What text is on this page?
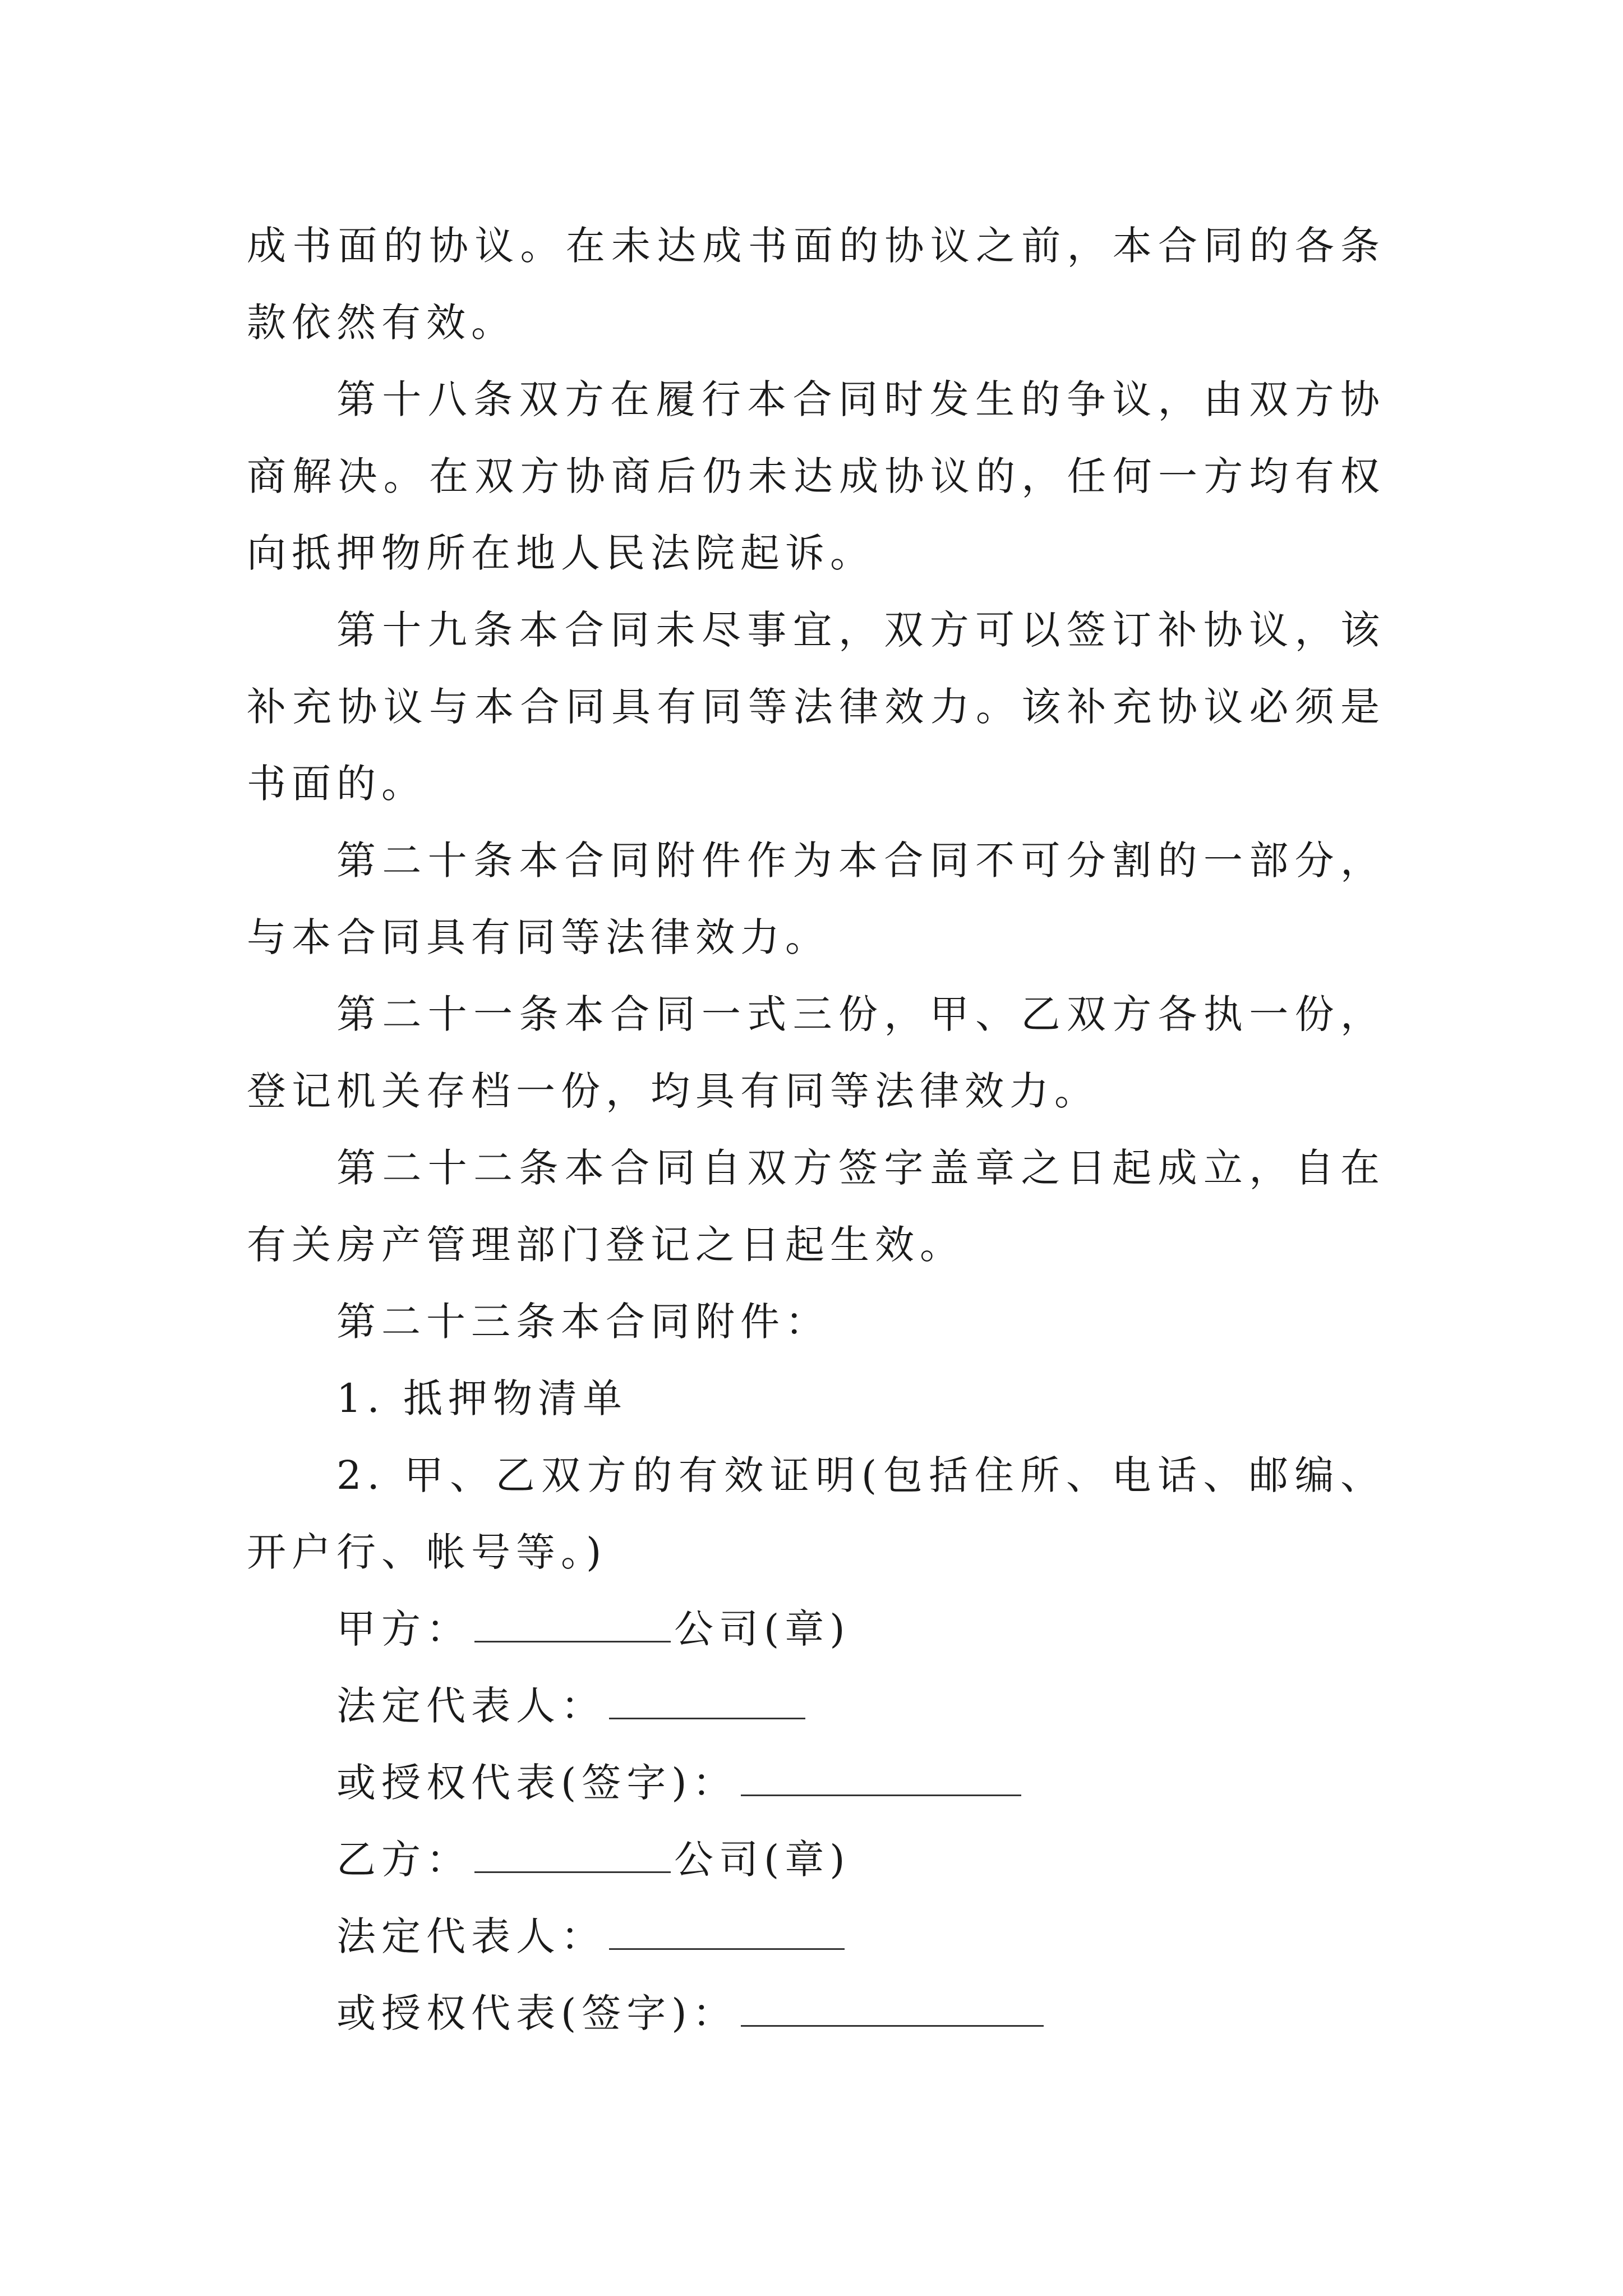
成书面的协议。在未达成书面的协议之前，本合同的各条款依然有效。

第十八条双方在履行本合同时发生的争议，由双方协商解决。在双方协商后仍未达成协议的，任何一方均有权向抵押物所在地人民法院起诉。

第十九条本合同未尽事宜，双方可以签订补协议，该补充协议与本合同具有同等法律效力。该补充协议必须是书面的。

第二十条本合同附件作为本合同不可分割的一部分，与本合同具有同等法律效力。

第二十一条本合同一式三份，甲、乙双方各执一份，登记机关存档一份，均具有同等法律效力。

第二十二条本合同自双方签字盖章之日起成立，自在有关房产管理部门登记之日起生效。

第二十三条本合同附件：

1. 抵押物清单

2. 甲、乙双方的有效证明(包括住所、电话、邮编、开户行、帐号等。)

甲方：	公司(章)

法定代表人：

或授权代表(签字)：

乙方：	公司(章)

法定代表人：

或授权代表(签字)：
